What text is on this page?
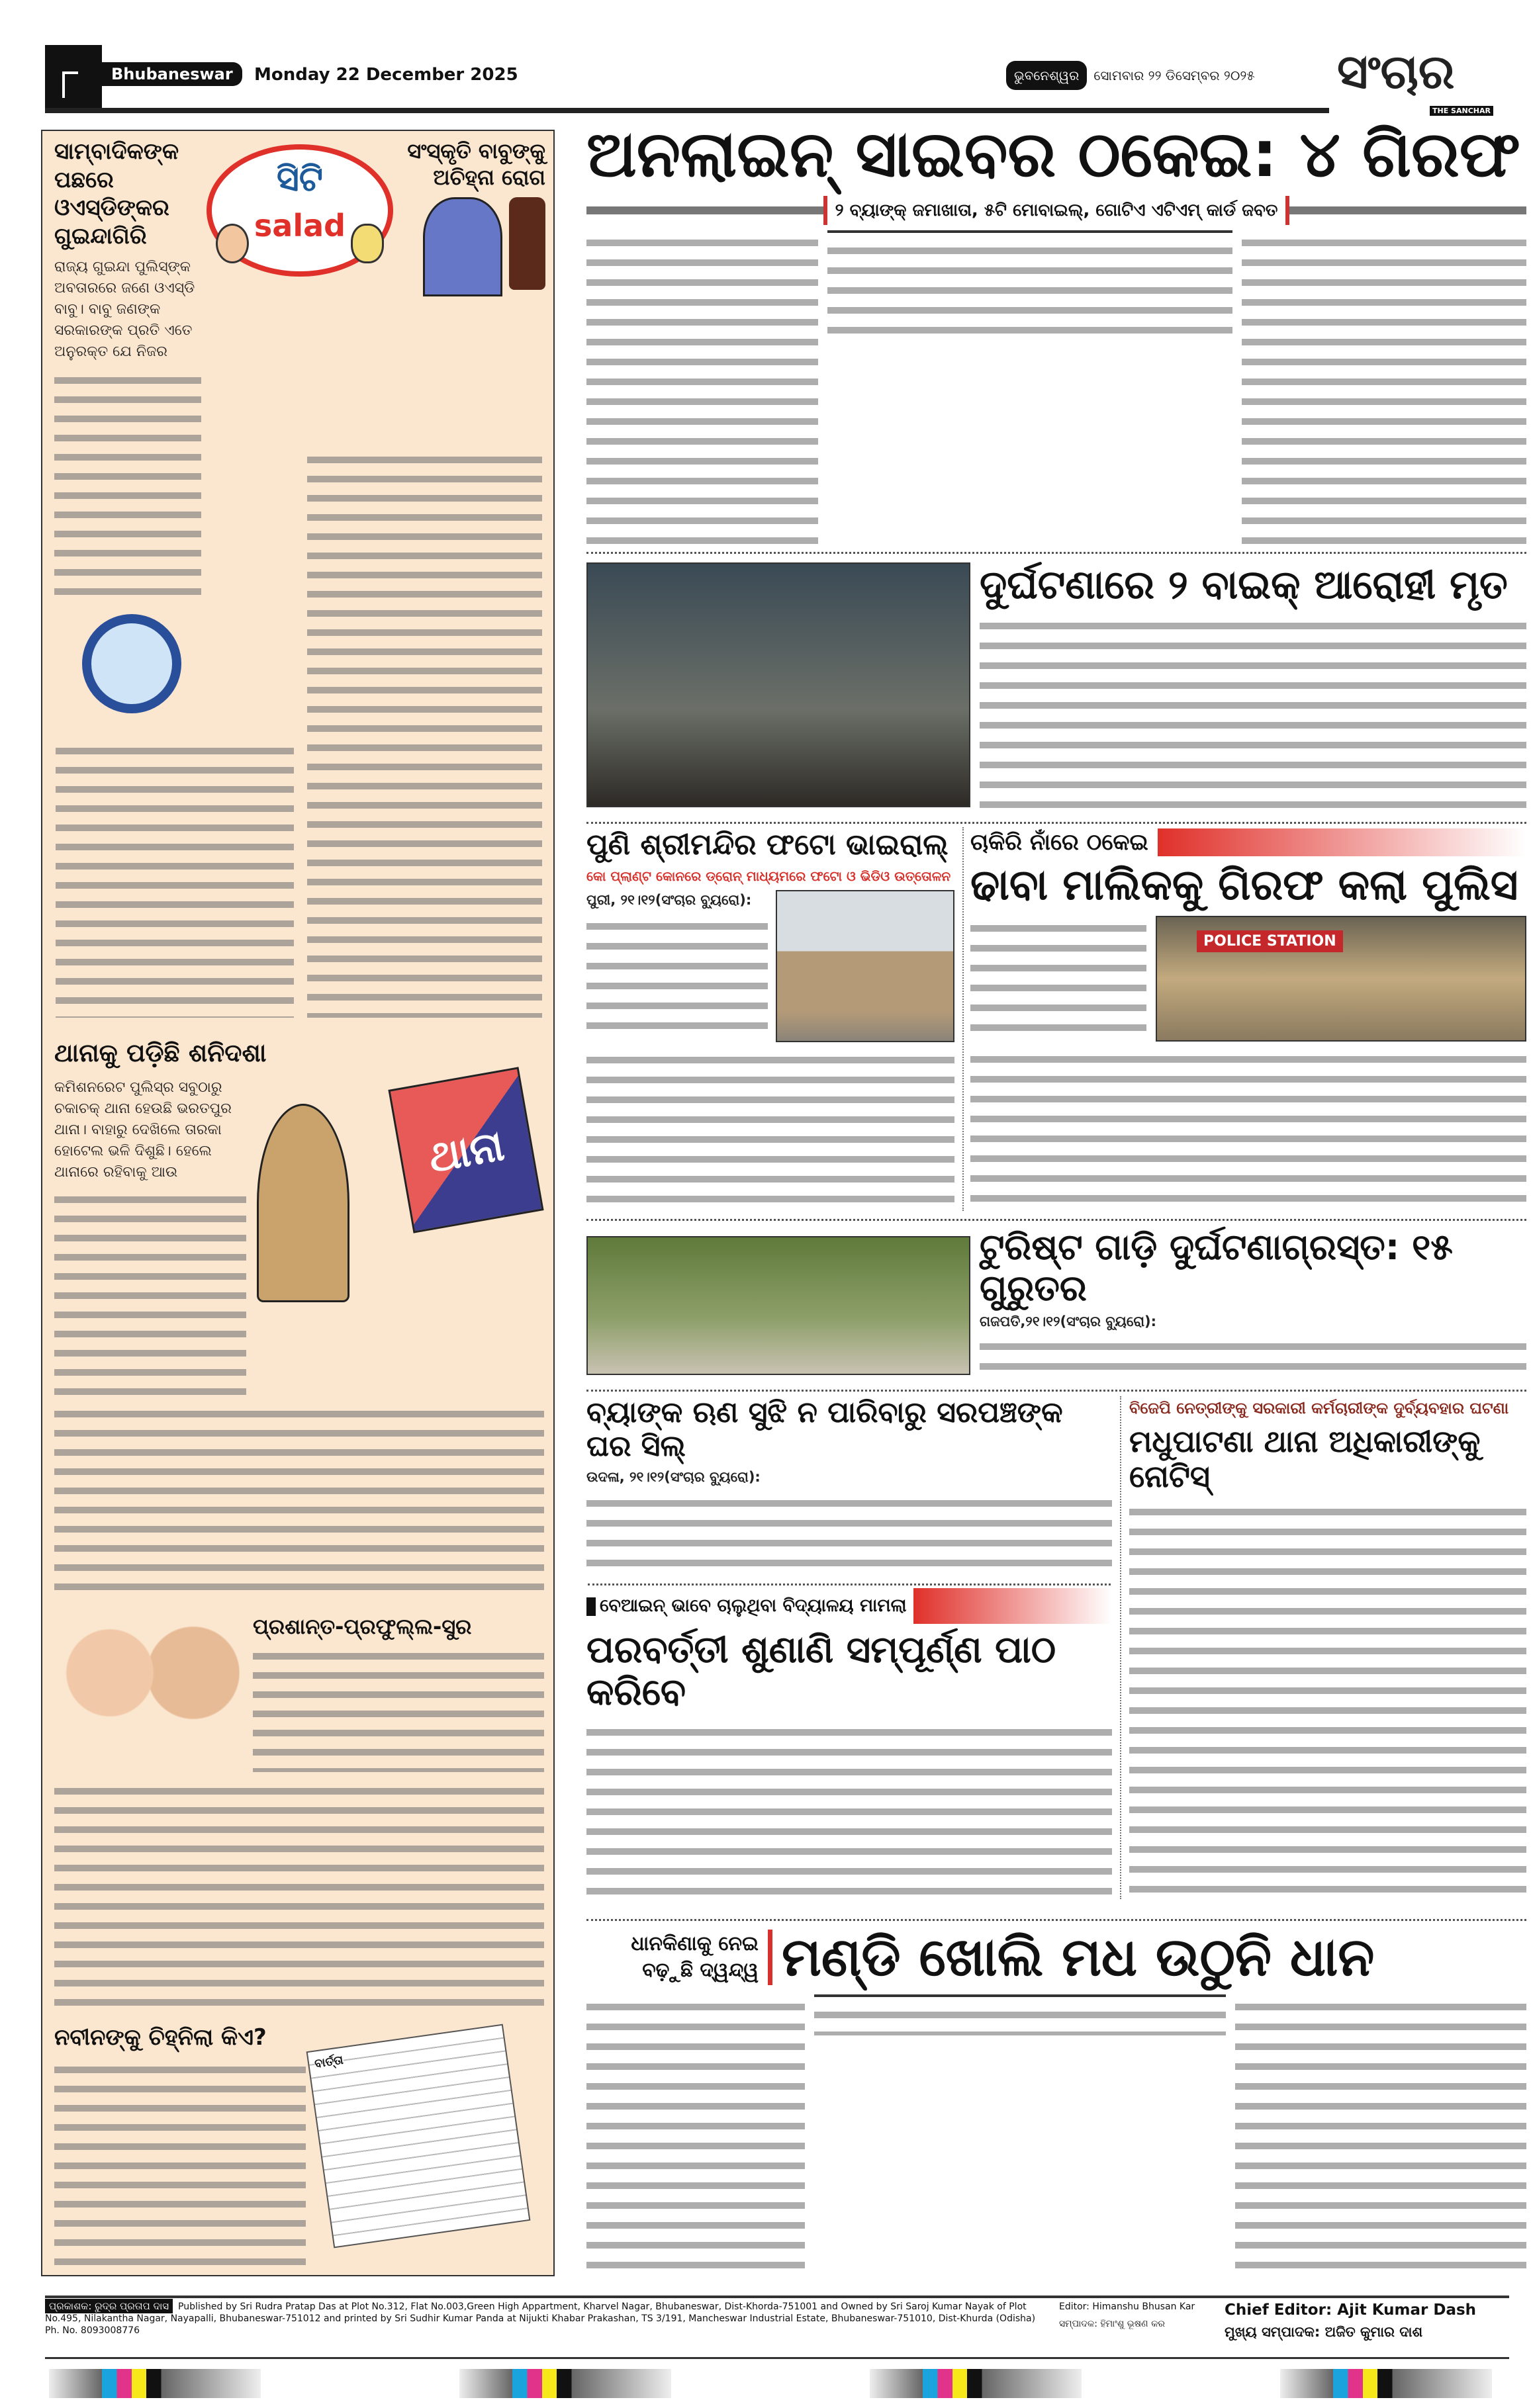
Bhubaneswar	Monday 22 December 2025	ଭୁବନେଶ୍ୱର	ସୋମବାର ୨୨ ଡିସେମ୍ବର ୨୦୨୫ ସଂଚାର
THE SANCHAR
ସାମ୍ବାଦିକଙ୍କ ପଛରେ ଓଏସ୍‌ଡିଙ୍କର ଗୁଇନ୍ଦାଗିରି
ରାଜ୍ୟ ଗୁଇନ୍ଦା ପୁଲିସ୍‌ଙ୍କ ଅବତାରରେ ଜଣେ ଓଏସ୍‌ଡି ବାବୁ। ବାବୁ ଜଣଙ୍କ ସରକାରଙ୍କ ପ୍ରତି ଏତେ ଅନୁରକ୍ତ ଯେ ନିଜର
ସିଟି
salad
ସଂସ୍କୃତି ବାବୁଙ୍କୁ ଅଚିହ୍ନା ରୋଗ
ଥାନାକୁ ପଡ଼ିଛି ଶନିଦଶା
କମିଶନରେଟ ପୁଲିସ୍‌ର ସବୁଠାରୁ ଚକାଚକ୍ ଥାନା ହେଉଛି ଭରତପୁର ଥାନା। ବାହାରୁ ଦେଖିଲେ ତାରକା ହୋଟେଲ ଭଳି ଦିଶୁଛି। ହେଲେ ଥାନାରେ ରହିବାକୁ ଆଉ	ଥାନା
ପ୍ରଶାନ୍ତ-ପ୍ରଫୁଲ୍ଲ-ସୁର
ନବୀନଙ୍କୁ ଚିହ୍ନିଲା କିଏ?
ବାର୍ତ୍ତା
ଅନଲାଇନ୍ ସାଇବର ଠକେଇ: ୪ ଗିରଫ
୨ ବ୍ୟାଙ୍କ୍ ଜମାଖାତା, ୫ଟି ମୋବାଇଲ୍, ଗୋଟିଏ ଏଟିଏମ୍ କାର୍ଡ ଜବତ
ଦୁର୍ଘଟଣାରେ ୨ ବାଇକ୍ ଆରୋହୀ ମୃତ
ପୁଣି ଶ୍ରୀମନ୍ଦିର ଫଟୋ ଭାଇରାଲ୍
କୋ ପ୍ଲାଣ୍ଟ କୋନରେ ଡ୍ରୋନ୍ ମାଧ୍ୟମରେ ଫଟୋ ଓ ଭିଡିଓ ଉତ୍ତୋଳନ
ପୁରୀ, ୨୧।୧୨(ସଂଚାର ବ୍ୟୁରୋ):
ଚାକିରି ନାଁରେ ଠକେଇ
ଢାବା ମାଲିକକୁ ଗିରଫ କଲା ପୁଲିସ
POLICE STATION
ଟୁରିଷ୍ଟ ଗାଡ଼ି ଦୁର୍ଘଟଣାଗ୍ରସ୍ତ: ୧୫ ଗୁରୁତର
ଗଜପତି,୨୧।୧୨(ସଂଚାର ବ୍ୟୁରୋ):
ବ୍ୟାଙ୍କ ଋଣ ସୁଝି ନ ପାରିବାରୁ ସରପଞ୍ଚଙ୍କ ଘର ସିଲ୍
ଉଦଳା, ୨୧।୧୨(ସଂଚାର ବ୍ୟୁରୋ):
ବିଜେପି ନେତ୍ରୀଙ୍କୁ ସରକାରୀ କର୍ମଚାରୀଙ୍କ ଦୁର୍ବ୍ୟବହାର ଘଟଣା
ମଧୁପାଟଣା ଥାନା ଅଧିକାରୀଙ୍କୁ ନୋଟିସ୍
ବେଆଇନ୍ ଭାବେ ଚାଲୁଥିବା ବିଦ୍ୟାଳୟ ମାମଲା
ପରବର୍ତ୍ତୀ ଶୁଣାଣି ସମ୍ପୂର୍ଣ୍ଣ ପାଠ କରିବେ
ଧାନକିଣାକୁ ନେଇ ବଢ଼ୁଛି ଦ୍ୱନ୍ଦ୍ୱ ମଣ୍ଡି ଖୋଲି ମଧ ଉଠୁନି ଧାନ
ପ୍ରକାଶକ: ରୁଦ୍ର ପ୍ରତାପ ଦାସ Published by Sri Rudra Pratap Das at Plot No.312, Flat No.003,Green High Appartment, Kharvel Nagar, Bhubaneswar, Dist-Khorda-751001 and Owned by Sri Saroj Kumar Nayak of Plot No.495, Nilakantha Nagar, Nayapalli, Bhubaneswar-751012 and printed by Sri Sudhir Kumar Panda at Nijukti Khabar Prakashan, TS 3/191, Mancheswar Industrial Estate, Bhubaneswar-751010, Dist-Khurda (Odisha) Ph. No. 8093008776
Editor: Himanshu Bhusan Kar
ସମ୍ପାଦକ: ହିମାଂଶୁ ଭୂଷଣ କର
Chief Editor: Ajit Kumar Dash
ମୁଖ୍ୟ ସମ୍ପାଦକ: ଅଜିତ କୁମାର ଦାଶ
